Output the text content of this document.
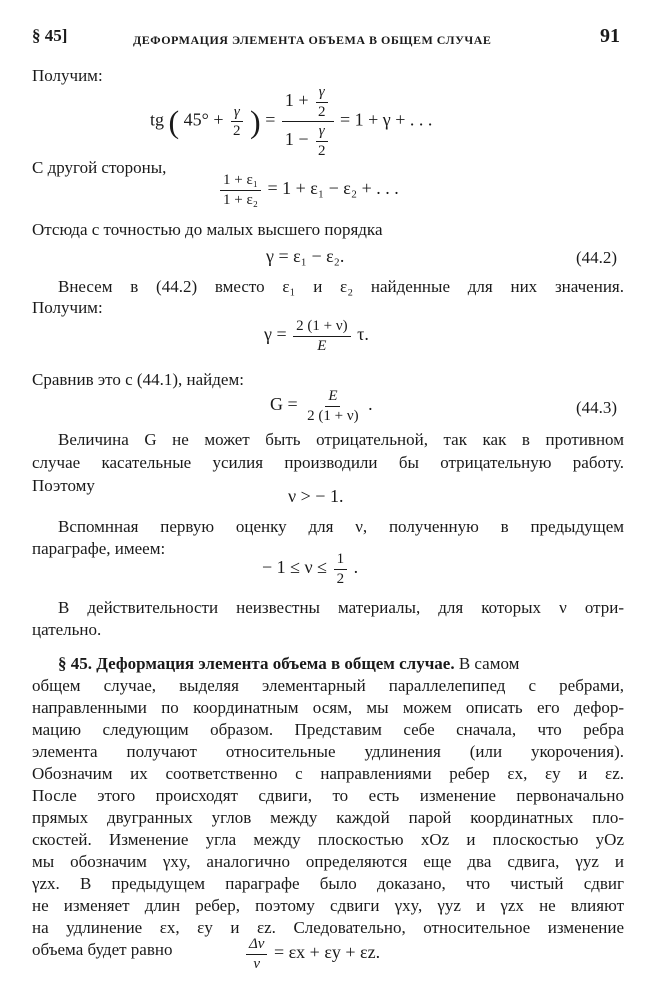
§ 45]	ДЕФОРМАЦИЯ ЭЛЕМЕНТА ОБЪЕМА В ОБЩЕМ СЛУЧАЕ	91
Получим:
tg ( $45^\circ + \frac{\gamma}{2}$ ) = $\frac{1 + \frac{\gamma}{2}}{1 - \frac{\gamma}{2}} = 1 + \gamma$ + . . .
С другой стороны,
$\frac{\text{1 + ε₁}}{\text{1 + ε₂}} = 1 + \varepsilon_1 - \varepsilon_2$ + . . .
Отсюда с точностью до малых высшего порядка
γ = ε₁ − ε₂.	(44.2)
Внесем в (44.2) вместо ε₁ и ε₂ найденные для них значения.
Получим:
$\gamma = \frac{2 (1 + \nu)}{E} \tau$.
Сравнив это с (44.1), найдем:
$G = \frac{E}{2 (1 + \nu)}$ .	(44.3)
Величина G не может быть отрицательной, так как в противном
случае касательные усилия производили бы отрицательную работу.
Поэтому
ν > − 1.
Вспомнная первую оценку для ν, полученную в предыдущем
параграфе, имеем:
− $1 \le \nu \le \frac{1}{2}$ .
В действительности неизвестны материалы, для которых ν отри-
цательно.
§ 45. Деформация элемента объема в общем случае. В самом
общем случае, выделяя элементарный параллелепипед с ребрами,
направленными по координатным осям, мы можем описать его дефор-
мацию следующим образом. Представим себе сначала, что ребра
элемента получают относительные удлинения (или укорочения).
Обозначим их соответственно с направлениями ребер εx, εy и εz.
После этого происходят сдвиги, то есть изменение первоначально
прямых двугранных углов между каждой парой координатных пло-
скостей. Изменение угла между плоскостью xOz и плоскостью yOz
мы обозначим γxy, аналогично определяются еще два сдвига, γyz и
γzx. В предыдущем параграфе было доказано, что чистый сдвиг
не изменяет длин ребер, поэтому сдвиги γxy, γyz и γzx не влияют
на удлинение εx, εy и εz. Следовательно, относительное изменение
объема будет равно	$\frac{\Delta v}{v} = \varepsilon x + \varepsilon y + \varepsilon z$.
